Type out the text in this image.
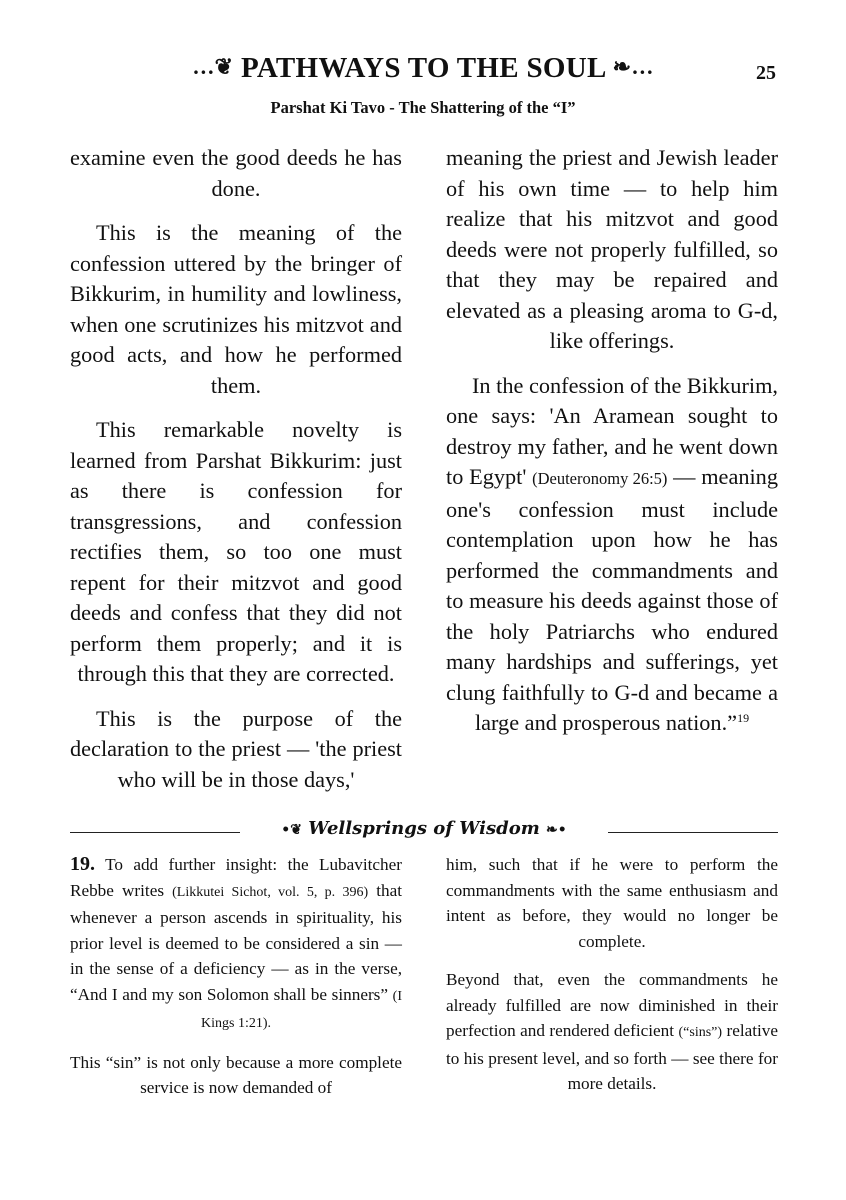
…❦ PATHWAYS TO THE SOUL ❧…	25
Parshat Ki Tavo - The Shattering of the “I”

examine even the good deeds he has done.

This is the meaning of the confession uttered by the bringer of Bikkurim, in humility and lowliness, when one scrutinizes his mitzvot and good acts, and how he performed them.

This remarkable novelty is learned from Parshat Bikkurim: just as there is confession for transgressions, and confession rectifies them, so too one must repent for their mitzvot and good deeds and confess that they did not perform them properly; and it is through this that they are corrected.

This is the purpose of the declaration to the priest — 'the priest who will be in those days,'

meaning the priest and Jewish leader of his own time — to help him realize that his mitzvot and good deeds were not properly fulfilled, so that they may be repaired and elevated as a pleasing aroma to G-d, like offerings.

In the confession of the Bikkurim, one says: 'An Aramean sought to destroy my father, and he went down to Egypt' (Deuteronomy 26:5) — meaning one's confession must include contemplation upon how he has performed the commandments and to measure his deeds against those of the holy Patriarchs who endured many hardships and sufferings, yet clung faithfully to G-d and became a large and prosperous nation.”$^{19}$

•❦ Wellsprings of Wisdom ❧•

19. To add further insight: the Lubavitcher Rebbe writes (Likkutei Sichot, vol. 5, p. 396) that whenever a person ascends in spirituality, his prior level is deemed to be considered a sin — in the sense of a deficiency — as in the verse, “And I and my son Solomon shall be sinners” (I Kings 1:21).

This “sin” is not only because a more complete service is now demanded of

him, such that if he were to perform the commandments with the same enthusiasm and intent as before, they would no longer be complete.

Beyond that, even the commandments he already fulfilled are now diminished in their perfection and rendered deficient (“sins”) relative to his present level, and so forth — see there for more details.
